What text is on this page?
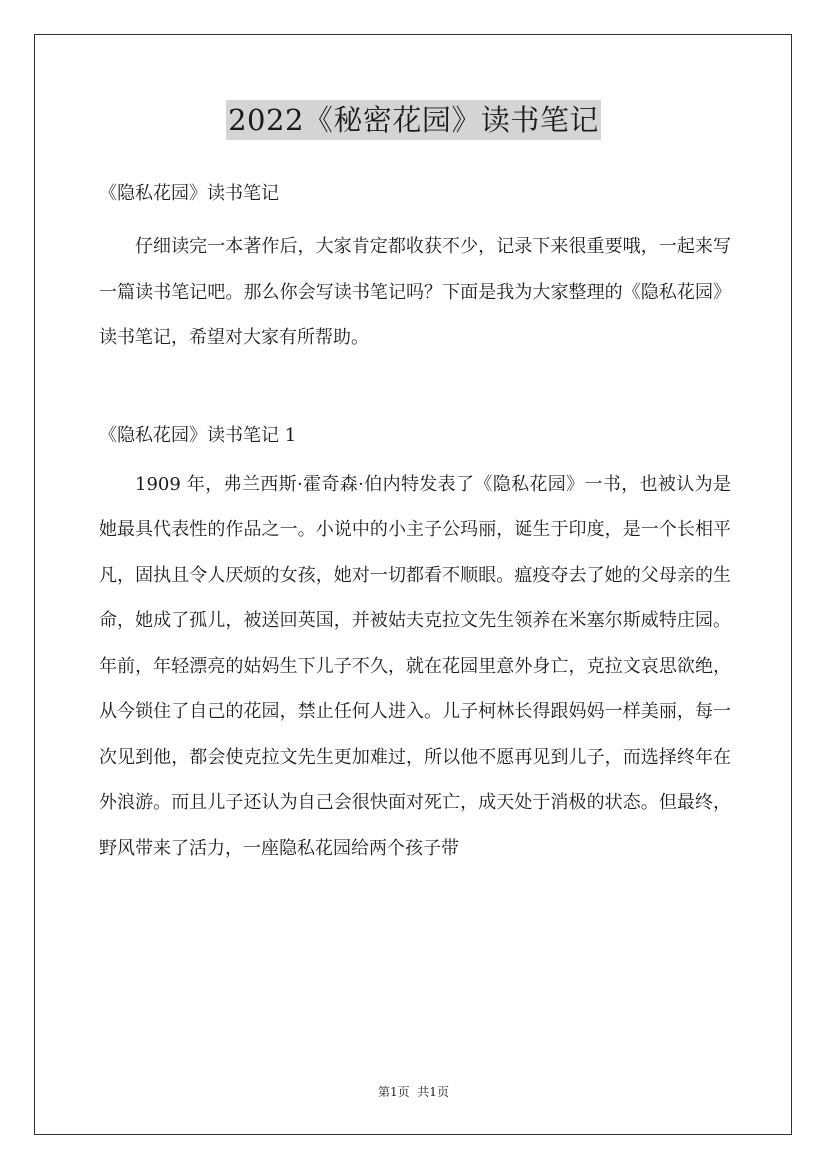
2022《秘密花园》读书笔记
《隐私花园》读书笔记

仔细读完一本著作后，大家肯定都收获不少，记录下来很重要哦，一起来写一篇读书笔记吧。那么你会写读书笔记吗？下面是我为大家整理的《隐私花园》读书笔记，希望对大家有所帮助。

《隐私花园》读书笔记 1

1909 年，弗兰西斯·霍奇森·伯内特发表了《隐私花园》一书，也被认为是她最具代表性的作品之一。小说中的小主子公玛丽，诞生于印度，是一个长相平凡，固执且令人厌烦的女孩，她对一切都看不顺眼。瘟疫夺去了她的父母亲的生命，她成了孤儿，被送回英国，并被姑夫克拉文先生领养在米塞尔斯威特庄园。年前，年轻漂亮的姑妈生下儿子不久，就在花园里意外身亡，克拉文哀思欲绝，从今锁住了自己的花园，禁止任何人进入。儿子柯林长得跟妈妈一样美丽，每一次见到他，都会使克拉文先生更加难过，所以他不愿再见到儿子，而选择终年在外浪游。而且儿子还认为自己会很快面对死亡，成天处于消极的状态。但最终，野风带来了活力，一座隐私花园给两个孩子带

第1页  共1页
